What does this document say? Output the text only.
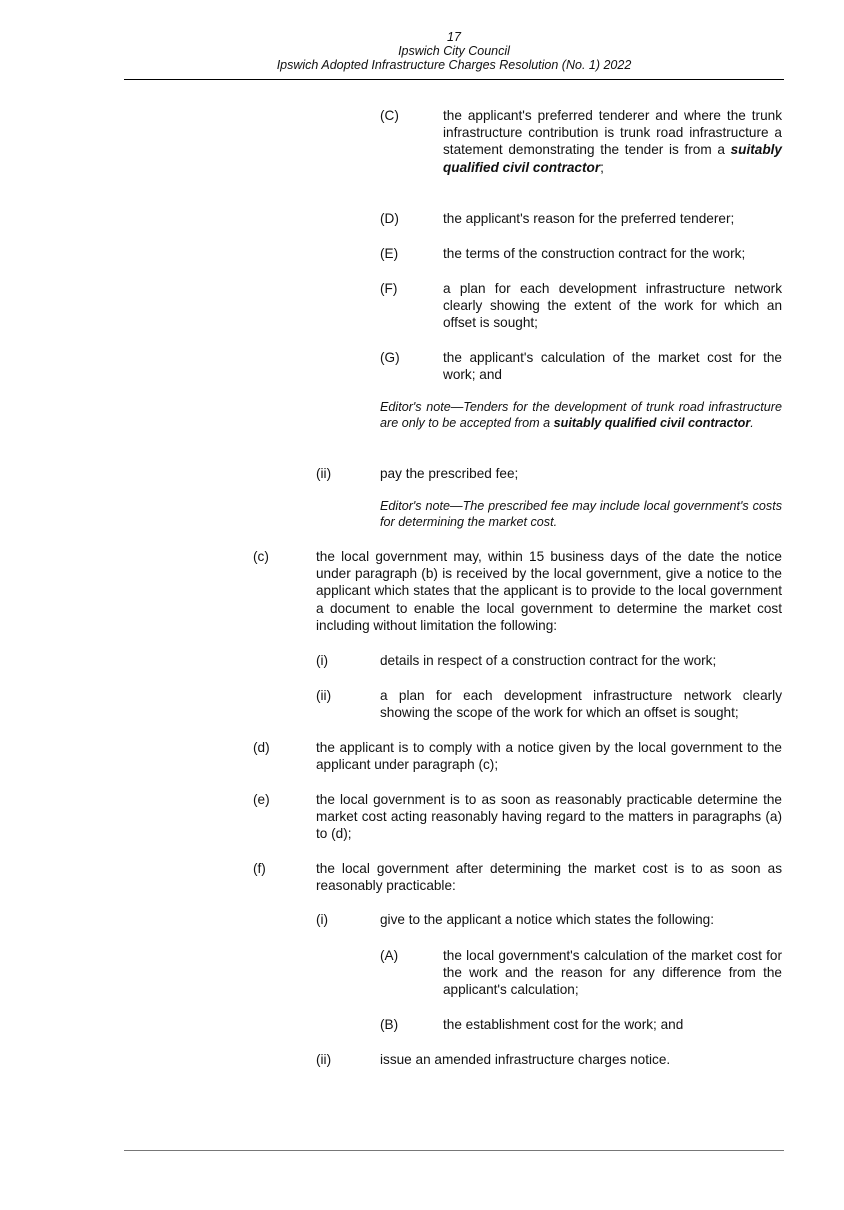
17
Ipswich City Council
Ipswich Adopted Infrastructure Charges Resolution (No. 1) 2022
(C)	the applicant's preferred tenderer and where the trunk infrastructure contribution is trunk road infrastructure a statement demonstrating the tender is from a suitably qualified civil contractor;
(D)	the applicant's reason for the preferred tenderer;
(E)	the terms of the construction contract for the work;
(F)	a plan for each development infrastructure network clearly showing the extent of the work for which an offset is sought;
(G)	the applicant's calculation of the market cost for the work; and
Editor's note—Tenders for the development of trunk road infrastructure are only to be accepted from a suitably qualified civil contractor.
(ii)	pay the prescribed fee;
Editor's note—The prescribed fee may include local government's costs for determining the market cost.
(c)	the local government may, within 15 business days of the date the notice under paragraph (b) is received by the local government, give a notice to the applicant which states that the applicant is to provide to the local government a document to enable the local government to determine the market cost including without limitation the following:
(i)	details in respect of a construction contract for the work;
(ii)	a plan for each development infrastructure network clearly showing the scope of the work for which an offset is sought;
(d)	the applicant is to comply with a notice given by the local government to the applicant under paragraph (c);
(e)	the local government is to as soon as reasonably practicable determine the market cost acting reasonably having regard to the matters in paragraphs (a) to (d);
(f)	the local government after determining the market cost is to as soon as reasonably practicable:
(i)	give to the applicant a notice which states the following:
(A)	the local government's calculation of the market cost for the work and the reason for any difference from the applicant's calculation;
(B)	the establishment cost for the work; and
(ii)	issue an amended infrastructure charges notice.
